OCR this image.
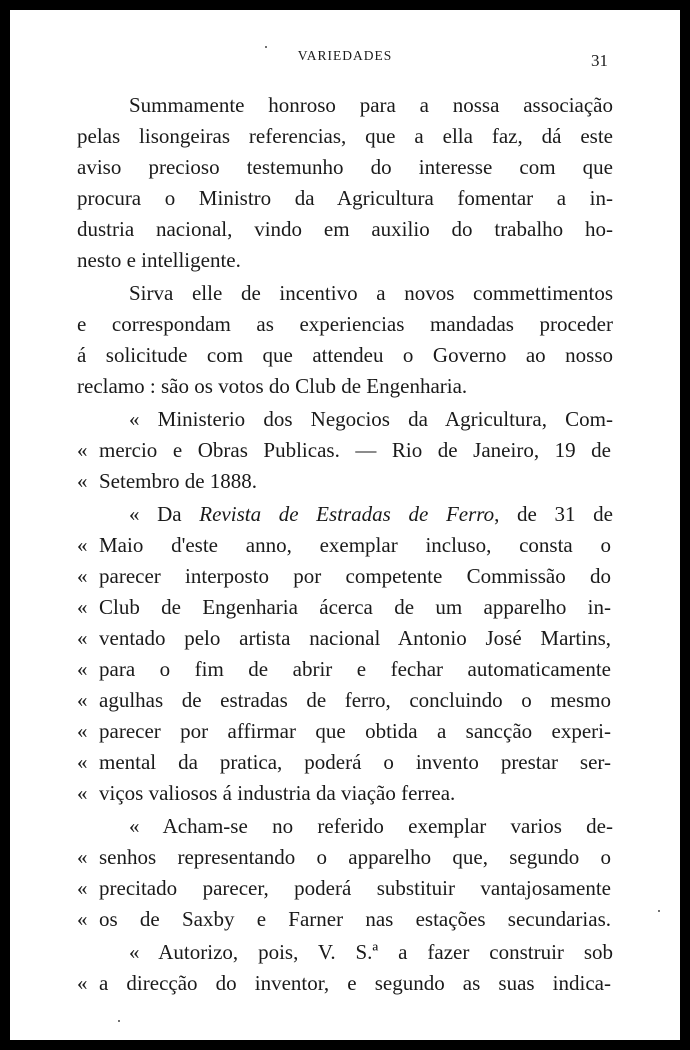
VARIEDADES	31
Summamente honroso para a nossa associação
pelas lisongeiras referencias, que a ella faz, dá este
aviso precioso testemunho do interesse com que
procura o Ministro da Agricultura fomentar a in-
dustria nacional, vindo em auxilio do trabalho ho-
nesto e intelligente.
Sirva elle de incentivo a novos commettimentos
e correspondam as experiencias mandadas proceder
á solicitude com que attendeu o Governo ao nosso
reclamo : são os votos do Club de Engenharia.
« Ministerio dos Negocios da Agricultura, Com-
« mercio e Obras Publicas. — Rio de Janeiro, 19 de
« Setembro de 1888.
« Da Revista de Estradas de Ferro, de 31 de
« Maio d'este anno, exemplar incluso, consta o
« parecer interposto por competente Commissão do
« Club de Engenharia ácerca de um apparelho in-
« ventado pelo artista nacional Antonio José Martins,
« para o fim de abrir e fechar automaticamente
« agulhas de estradas de ferro, concluindo o mesmo
« parecer por affirmar que obtida a sancção experi-
« mental da pratica, poderá o invento prestar ser-
« viços valiosos á industria da viação ferrea.
« Acham-se no referido exemplar varios de-
« senhos representando o apparelho que, segundo o
« precitado parecer, poderá substituir vantajosamente
« os de Saxby e Farner nas estações secundarias.
« Autorizo, pois, V. S.ª a fazer construir sob
« a direcção do inventor, e segundo as suas indica-
